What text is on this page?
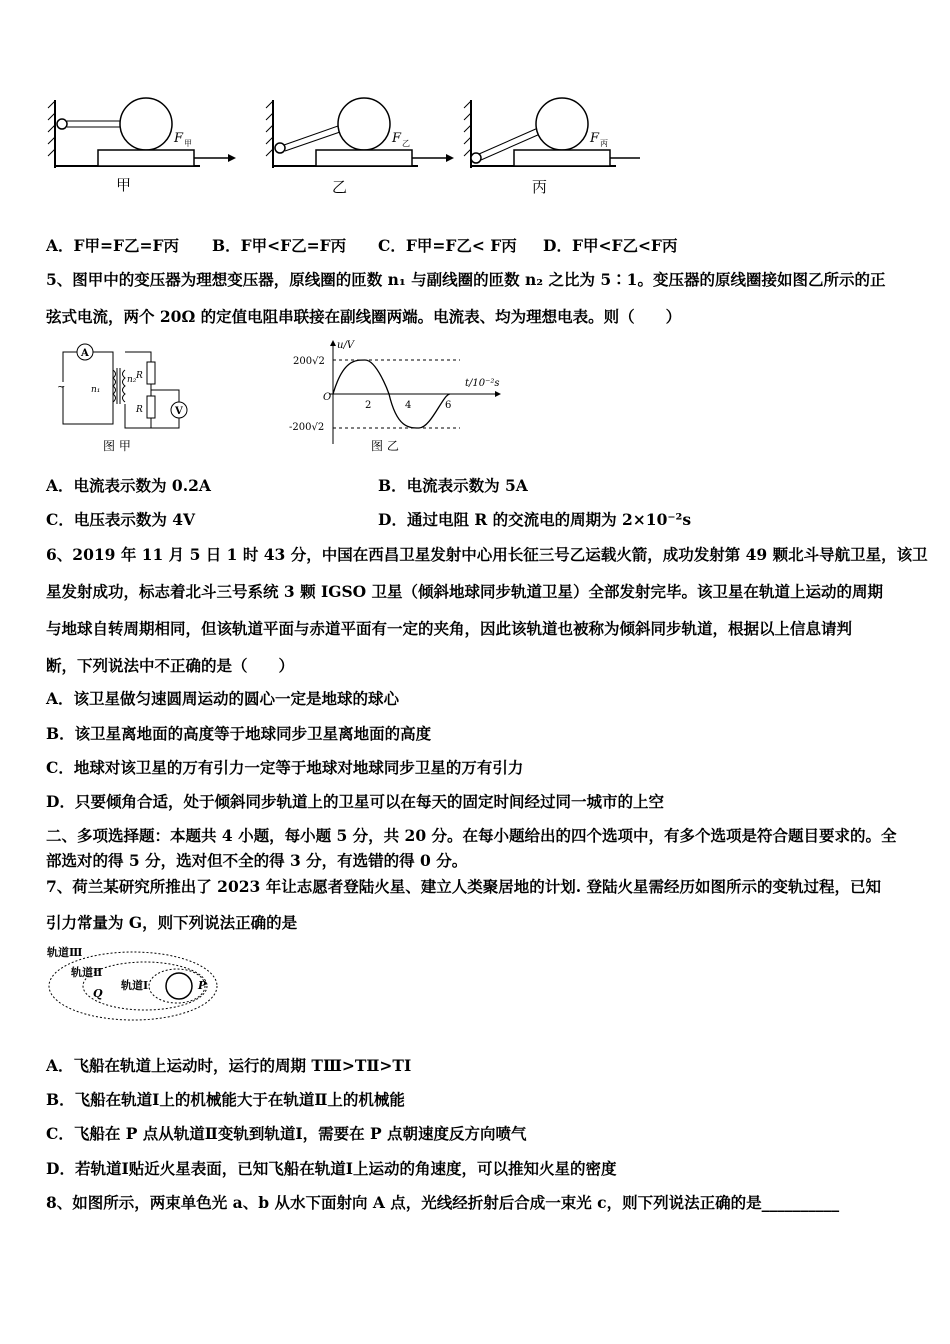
F 甲	F 乙	F 丙
甲	乙	丙
A．F甲=F乙=F丙 B．F甲<F乙=F丙 C．F甲=F乙< F丙 D．F甲<F乙<F丙
5、图甲中的变压器为理想变压器，原线圈的匝数 n₁ 与副线圈的匝数 n₂ 之比为 5∶1。变压器的原线圈接如图乙所示的正
弦式电流，两个 20Ω 的定值电阻串联接在副线圈两端。电流表、均为理想电表。则（　　）
A
~	n₁
n₂ R
R	V
图 甲
u/V
t/10⁻²s
200√2
-200√2
O
2	4	6
图 乙
A．电流表示数为 0.2A	B．电流表示数为 5A
C．电压表示数为 4V	D．通过电阻 R 的交流电的周期为 2×10⁻²s
6、2019 年 11 月 5 日 1 时 43 分，中国在西昌卫星发射中心用长征三号乙运载火箭，成功发射第 49 颗北斗导航卫星，该卫
星发射成功，标志着北斗三号系统 3 颗 IGSO 卫星（倾斜地球同步轨道卫星）全部发射完毕。该卫星在轨道上运动的周期
与地球自转周期相同，但该轨道平面与赤道平面有一定的夹角，因此该轨道也被称为倾斜同步轨道，根据以上信息请判
断，下列说法中不正确的是（　　）
A．该卫星做匀速圆周运动的圆心一定是地球的球心
B．该卫星离地面的高度等于地球同步卫星离地面的高度
C．地球对该卫星的万有引力一定等于地球对地球同步卫星的万有引力
D．只要倾角合适，处于倾斜同步轨道上的卫星可以在每天的固定时间经过同一城市的上空
二、多项选择题：本题共 4 小题，每小题 5 分，共 20 分。在每小题给出的四个选项中，有多个选项是符合题目要求的。全
部选对的得 5 分，选对但不全的得 3 分，有选错的得 0 分。
7、荷兰某研究所推出了 2023 年让志愿者登陆火星、建立人类聚居地的计划. 登陆火星需经历如图所示的变轨过程，已知
引力常量为 G，则下列说法正确的是
轨道Ⅲ
轨道Ⅱ
轨道Ⅰ
Q
P
A．飞船在轨道上运动时，运行的周期 TⅢ>TⅡ>TⅠ
B．飞船在轨道Ⅰ上的机械能大于在轨道Ⅱ上的机械能
C．飞船在 P 点从轨道Ⅱ变轨到轨道Ⅰ，需要在 P 点朝速度反方向喷气
D．若轨道Ⅰ贴近火星表面，已知飞船在轨道Ⅰ上运动的角速度，可以推知火星的密度
8、如图所示，两束单色光 a、b 从水下面射向 A 点，光线经折射后合成一束光 c，则下列说法正确的是__________
